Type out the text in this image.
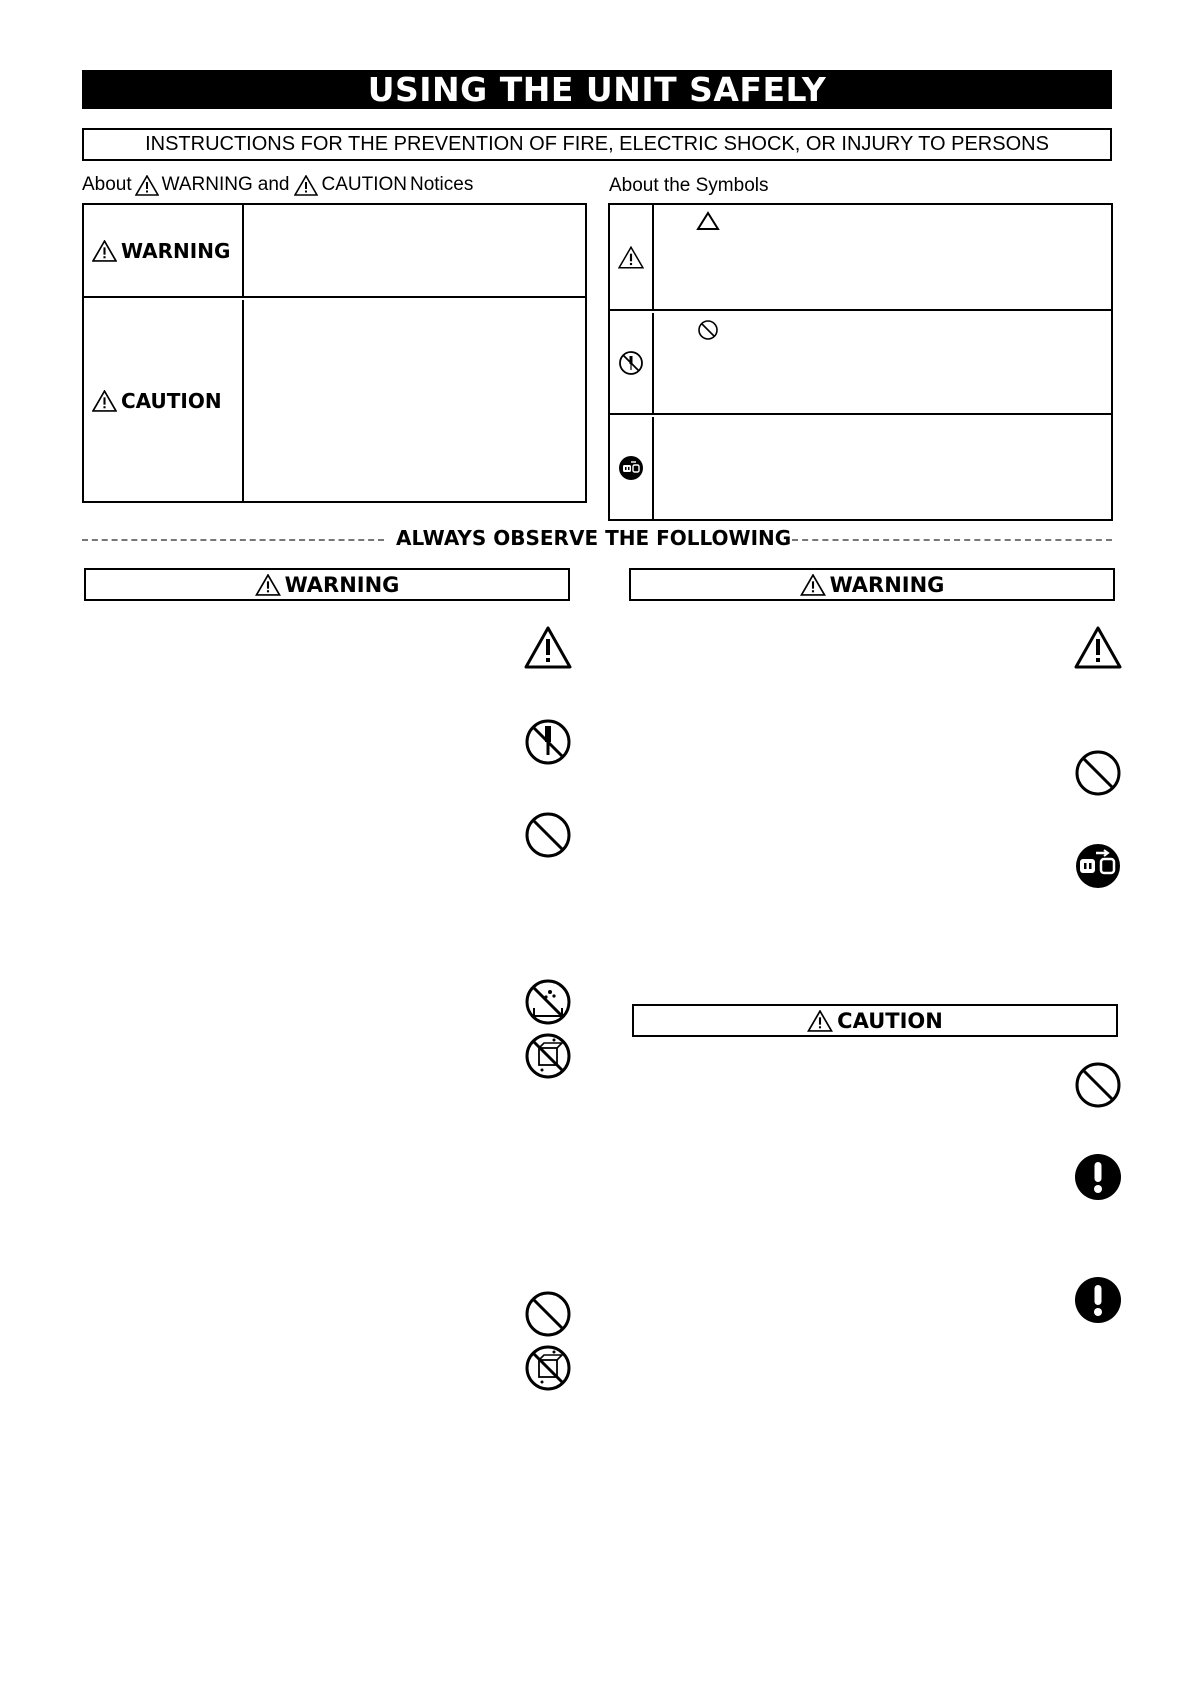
USING THE UNIT SAFELY
INSTRUCTIONS FOR THE PREVENTION OF FIRE, ELECTRIC SHOCK, OR INJURY TO PERSONS
About WARNING and CAUTION Notices
WARNING
CAUTION
About the Symbols
ALWAYS OBSERVE THE FOLLOWING
WARNING	WARNING
CAUTION
